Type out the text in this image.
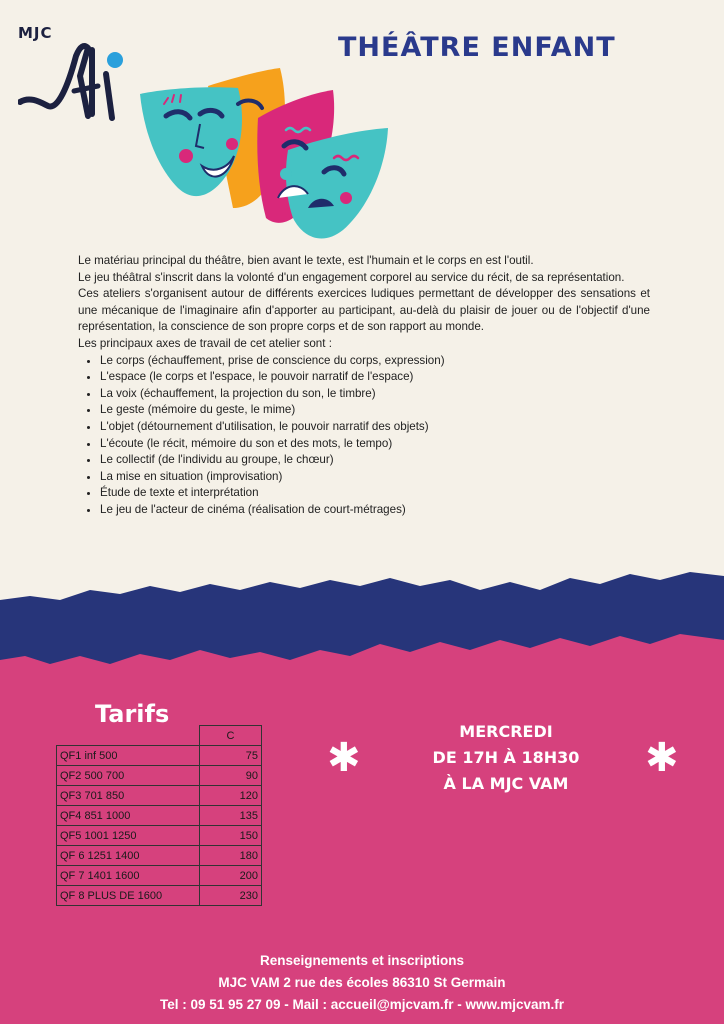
MJC	THÉÂTRE ENFANT

Le matériau principal du théâtre, bien avant le texte, est l'humain et le corps en est l'outil.

Le jeu théâtral s'inscrit dans la volonté d'un engagement corporel au service du récit, de sa représentation.

Ces ateliers s'organisent autour de différents exercices ludiques permettant de développer des sensations et une mécanique de l'imaginaire afin d'apporter au participant, au-delà du plaisir de jouer ou de l'objectif d'une représentation, la conscience de son propre corps et de son rapport au monde.

Les principaux axes de travail de cet atelier sont :

• Le corps (échauffement, prise de conscience du corps, expression)
• L'espace (le corps et l'espace, le pouvoir narratif de l'espace)
• La voix (échauffement, la projection du son, le timbre)
• Le geste (mémoire du geste, le mime)
• L'objet (détournement d'utilisation, le pouvoir narratif des objets)
• L'écoute (le récit, mémoire du son et des mots, le tempo)
• Le collectif (de l'individu au groupe, le chœur)
• La mise en situation (improvisation)
• Étude de texte et interprétation
• Le jeu de l'acteur de cinéma (réalisation de court-métrages)
Tarifs
	C
QF1 inf 500	75
QF2 500 700	90
QF3 701 850	120
QF4 851 1000	135
QF5 1001 1250	150
QF 6 1251 1400	180
QF 7 1401 1600	200
QF 8 PLUS DE 1600	230
✱
MERCREDI
DE 17H À 18H30
À LA MJC VAM
✱
Renseignements et inscriptions
MJC VAM 2 rue des écoles 86310 St Germain
Tel : 09 51 95 27 09 - Mail : accueil@mjcvam.fr - www.mjcvam.fr
